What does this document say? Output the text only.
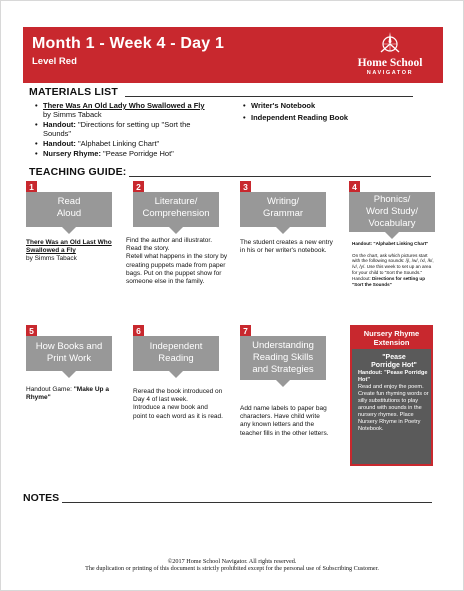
Month 1 - Week 4 - Day 1
Level Red	Home School
NAVIGATOR
MATERIALS LIST
• There Was An Old Lady Who Swallowed a Fly
by Simms Taback
• Handout: "Directions for setting up "Sort the
Sounds"
• Handout: "Alphabet Linking Chart"
• Nursery Rhyme: "Pease Porridge Hot"
• Writer's Notebook
• Independent Reading Book
TEACHING GUIDE:
1
Read
Aloud
2
Literature/
Comprehension
3
Writing/
Grammar
4
Phonics/
Word Study/
Vocabulary
There Was an Old Last Who Swallowed a Fly
by Simms Taback
Find the author and illustrator.
Read the story.
Retell what happens in the story by creating puppets made from paper bags. Put on the puppet show for someone else in the family.
The student creates a new entry in his or her writer's notebook.
Handout: "Alphabet Linking Chart"

On the chart, ask which pictures start with the following sounds: /j/, /w/, /x/, /k/, /v/, /y/. Use this week to set up an area for your child to "Sort the Sounds." Handout: Directions for setting up "Sort the Sounds"
5
How Books and
Print Work
6
Independent
Reading
7
Understanding
Reading Skills
and Strategies
Handout Game: "Make Up a Rhyme"
Reread the book introduced on Day 4 of last week.
Introduce a new book and point to each word as it is read.
Add name labels to paper bag characters. Have child write any known letters and the teacher fills in the other letters.
Nursery Rhyme
Extension
"Pease
Porridge Hot"
Handout: "Pease Porridge Hot"
Read and enjoy the poem. Create fun rhyming words or silly substitutions to play around with sounds in the nursery rhymes. Place Nursery Rhyme in Poetry Notebook.
NOTES
©2017 Home School Navigator. All rights reserved.
The duplication or printing of this document is strictly prohibited except for the personal use of Subscribing Customer.
